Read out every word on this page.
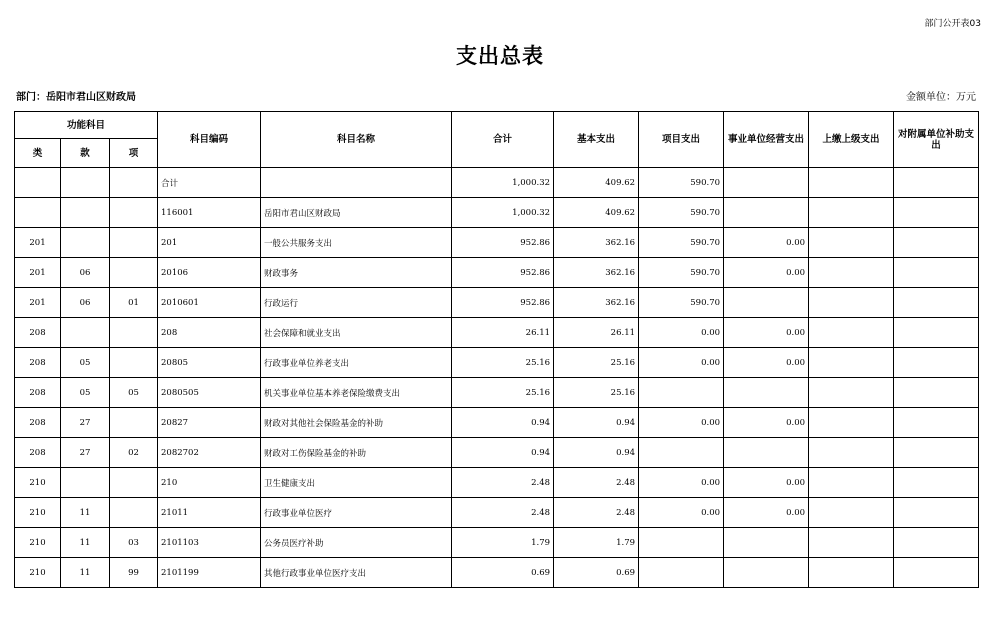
部门公开表03
支出总表
部门：岳阳市君山区财政局	金额单位：万元
功能科目			科目编码	科目名称	合计	基本支出	项目支出	事业单位经营支出	上缴上级支出	对附属单位补助支出
类	款	项								
			合计		1,000.32	409.62	590.70			
			116001	岳阳市君山区财政局	1,000.32	409.62	590.70			
201			201	一般公共服务支出	952.86	362.16	590.70	0.00		
201	06		20106	财政事务	952.86	362.16	590.70	0.00		
201	06	01	2010601	行政运行	952.86	362.16	590.70			
208			208	社会保障和就业支出	26.11	26.11	0.00	0.00		
208	05		20805	行政事业单位养老支出	25.16	25.16	0.00	0.00		
208	05	05	2080505	机关事业单位基本养老保险缴费支出	25.16	25.16				
208	27		20827	财政对其他社会保险基金的补助	0.94	0.94	0.00	0.00		
208	27	02	2082702	财政对工伤保险基金的补助	0.94	0.94				
210			210	卫生健康支出	2.48	2.48	0.00	0.00		
210	11		21011	行政事业单位医疗	2.48	2.48	0.00	0.00		
210	11	03	2101103	公务员医疗补助	1.79	1.79				
210	11	99	2101199	其他行政事业单位医疗支出	0.69	0.69				
